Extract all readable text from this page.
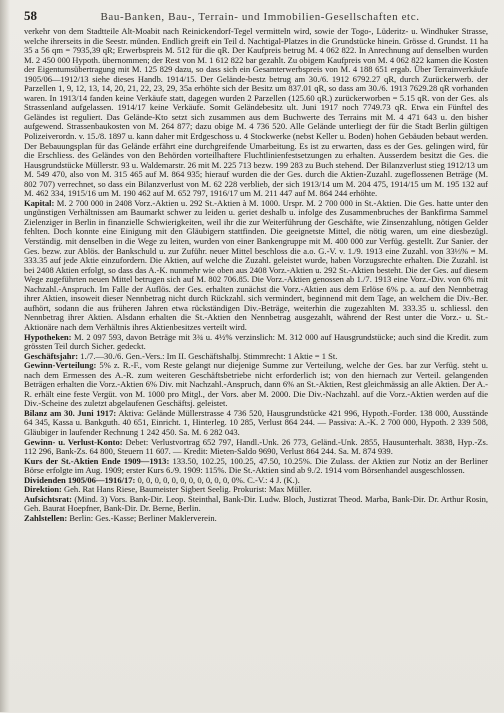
58	Bau-Banken, Bau-, Terrain- und Immobilien-Gesellschaften etc.

verkehr von dem Stadtteile Alt-Moabit nach Reinickendorf-Tegel vermitteln wird, sowie der Togo-, Lüderitz- u. Windhuker Strasse, welche ihrerseits in die Seestr. münden. Endlich greift ein Teil d. Nachtigal-Platzes in die Grundstücke hinein. Grösse d. Grundst. 11 ha 35 a 56 qm = 7935,39 qR; Erwerbspreis M. 512 für die qR. Der Kaufpreis betrug M. 4 062 822. In Anrechnung auf denselben wurden M. 2 450 000 Hypoth. übernommen; der Rest von M. 1 612 822 bar gezahlt. Zu obigem Kaufpreis von M. 4 062 822 kamen die Kosten der Eigentumsübertragung mit M. 125 829 dazu, so dass sich ein Gesamterwerbspreis von M. 4 188 651 ergab. Über Terrainverkäufe 1905/06—1912/13 siehe dieses Handb. 1914/15. Der Gelände-bestz betrug am 30./6. 1912 6792.27 qR, durch Zurückerwerb. der Parzellen 1, 9, 12, 13, 14, 20, 21, 22, 23, 29, 35a erhöhte sich der Besitz um 837.01 qR, so dass am 30./6. 1913 7629.28 qR vorhanden waren. In 1913/14 fanden keine Verkäufe statt, dagegen wurden 2 Parzellen (125.60 qR.) zurückerworben = 5.15 qR. von der Ges. als Strassenland aufgelassen. 1914/17 keine Verkäufe. Somit Geländebesitz ult. Juni 1917 noch 7749.73 qR. Etwa ein Fünftel des Geländes ist reguliert. Das Gelände-Kto setzt sich zusammen aus dem Buchwerte des Terrains mit M. 4 471 643 u. den bisher aufgewend. Strassenbaukosten von M. 264 877; dazu obige M. 4 736 520. Alle Gelände unterliegt der für die Stadt Berlin gültigen Polizeiverordn. v. 15./8. 1897 u. kann daher mit Erdgeschoss u. 4 Stockwerke (nebst Keller u. Boden) hohen Gebäuden bebaut werden. Der Bebauungsplan für das Gelände erfährt eine durchgreifende Umarbeitung. Es ist zu erwarten, dass es der Ges. gelingen wird, für die Erschliess. des Geländes von den Behörden vorteilhaftere Fluchtlinienfestsetzungen zu erhalten. Ausserdem besitzt die Ges. die Hausgrundstücke Müllerstr. 93 u. Waldemarstr. 26 mit M. 225 713 bezw. 199 283 zu Buch stehend. Der Bilanzverlust stieg 1912/13 um M. 549 470, also von M. 315 465 auf M. 864 935; hierauf wurden die der Ges. durch die Aktien-Zuzahl. zugeflossenen Beträge (M. 802 707) verrechnet, so dass ein Bilanzverlust von M. 62 228 verblieb, der sich 1913/14 um M. 204 475, 1914/15 um M. 195 132 auf M. 462 334, 1915/16 um M. 190 462 auf M. 652 797, 1916/17 um M. 211 447 auf M. 864 244 erhöhte.

Kapital: M. 2 700 000 in 2408 Vorz.-Aktien u. 292 St.-Aktien à M. 1000. Urspr. M. 2 700 000 in St.-Aktien. Die Ges. hatte unter den ungünstigen Verhältnissen am Baumarkt schwer zu leiden u. geriet deshalb u. infolge des Zusammenbruches der Bankfirma Sammel Zielenziger in Berlin in finanzielle Schwierigkeiten, weil ihr die zur Weiterführung der Geschäfte, wie Zinsenzahlung, nötigen Gelder fehlten. Doch konnte eine Einigung mit den Gläubigern stattfinden. Die geeignetste Mittel, die nötig waren, um eine diesbezügl. Verständig. mit denselben in die Wege zu leiten, wurden von einer Bankengruppe mit M. 400 000 zur Verfüg. gestellt. Zur Sanier. der Ges. bezw. zur Ablös. der Bankschuld u. zur Zuführ. neuer Mittel beschloss die a.o. G.-V. v. 1./9. 1913 eine Zuzahl. von 33⅓% = M. 333.35 auf jede Aktie einzufordern. Die Aktien, auf welche die Zuzahl. geleistet wurde, haben Vorzugsrechte erhalten. Die Zuzahl. ist bei 2408 Aktien erfolgt, so dass das A.-K. nunmehr wie oben aus 2408 Vorz.-Aktien u. 292 St.-Aktien besteht. Die der Ges. auf diesem Wege zugeführten neuen Mittel betrugen sich auf M. 802 706.85. Die Vorz.-Aktien genossen ab 1./7. 1913 eine Vorz.-Div. von 6% mit Nachzahl.-Anspruch. Im Falle der Auflös. der Ges. erhalten zunächst die Vorz.-Aktien aus dem Erlöse 6% p. a. auf den Nennbetrag ihrer Aktien, insoweit dieser Nennbetrag nicht durch Rückzahl. sich vermindert, beginnend mit dem Tage, an welchem die Div.-Ber. aufhört, sodann die aus früheren Jahren etwa rückständigen Div.-Beträge, weiterhin die zugezahlten M. 333.35 u. schliessl. den Nennbetrag ihrer Aktien. Alsdann erhalten die St.-Aktien den Nennbetrag ausgezahlt, während der Rest unter die Vorz.- u. St.-Aktionäre nach dem Verhältnis ihres Aktienbesitzes verteilt wird.

Hypotheken: M. 2 097 593, davon Beträge mit 3¾ u. 4½% verzinslich: M. 312 000 auf Hausgrundstücke; auch sind die Kredit. zum grössten Teil durch Sicher. gedeckt.

Geschäftsjahr: 1./7.—30./6. Gen.-Vers.: Im II. Geschäftshalbj. Stimmrecht: 1 Aktie = 1 St.

Gewinn-Verteilung: 5% z. R.-F., vom Reste gelangt nur diejenige Summe zur Verteilung, welche der Ges. bar zur Verfüg. steht u. nach dem Ermessen des A.-R. zum weiteren Geschäftsbetriebe nicht erforderlich ist; von den hiernach zur Verteil. gelangenden Beträgen erhalten die Vorz.-Aktien 6% Div. mit Nachzahl.-Anspruch, dann 6% an St.-Aktien, Rest gleichmässig an alle Aktien. Der A.-R. erhält eine feste Vergüt. von M. 1000 pro Mitgl., der Vors. aber M. 2000. Die Div.-Nachzahl. auf die Vorz.-Aktien werden auf die Div.-Scheine des zuletzt abgelaufenen Geschäftsj. geleistet.

Bilanz am 30. Juni 1917: Aktiva: Gelände Müllerstrasse 4 736 520, Hausgrundstücke 421 996, Hypoth.-Forder. 138 000, Ausstände 64 345, Kassa u. Bankguth. 40 651, Einricht. 1, Hinterleg. 10 285, Verlust 864 244. — Passiva: A.-K. 2 700 000, Hypoth. 2 339 508, Gläubiger in laufender Rechnung 1 242 450. Sa. M. 6 282 043.

Gewinn- u. Verlust-Konto: Debet: Verlustvortrag 652 797, Handl.-Unk. 26 773, Geländ.-Unk. 2855, Hausunterhalt. 3838, Hyp.-Zs. 112 296, Bank-Zs. 64 800, Steuern 11 607. — Kredit: Mieten-Saldo 9690, Verlust 864 244. Sa. M. 874 939.

Kurs der St.-Aktien Ende 1909—1913: 133.50, 102.25, 100.25, 47.50, 10.25%. Die Zulass. der Aktien zur Notiz an der Berliner Börse erfolgte im Aug. 1909; erster Kurs 6./9. 1909: 115%. Die St.-Aktien sind ab 9./2. 1914 vom Börsenhandel ausgeschlossen.

Dividenden 1905/06—1916/17: 0, 0, 0, 0, 0, 0, 0, 0, 0, 0, 0, 0%. C.-V.: 4 J. (K.).

Direktion: Geh. Rat Hans Riese, Baumeister Sigbert Seelig. Prokurist: Max Müller.

Aufsichtsrat: (Mind. 3) Vors. Bank-Dir. Leop. Steinthal, Bank-Dir. Ludw. Bloch, Justizrat Theod. Marba, Bank-Dir. Dr. Arthur Rosin, Geh. Baurat Hoepfner, Bank-Dir. Dr. Berne, Berlin.

Zahlstellen: Berlin: Ges.-Kasse; Berliner Maklerverein.
